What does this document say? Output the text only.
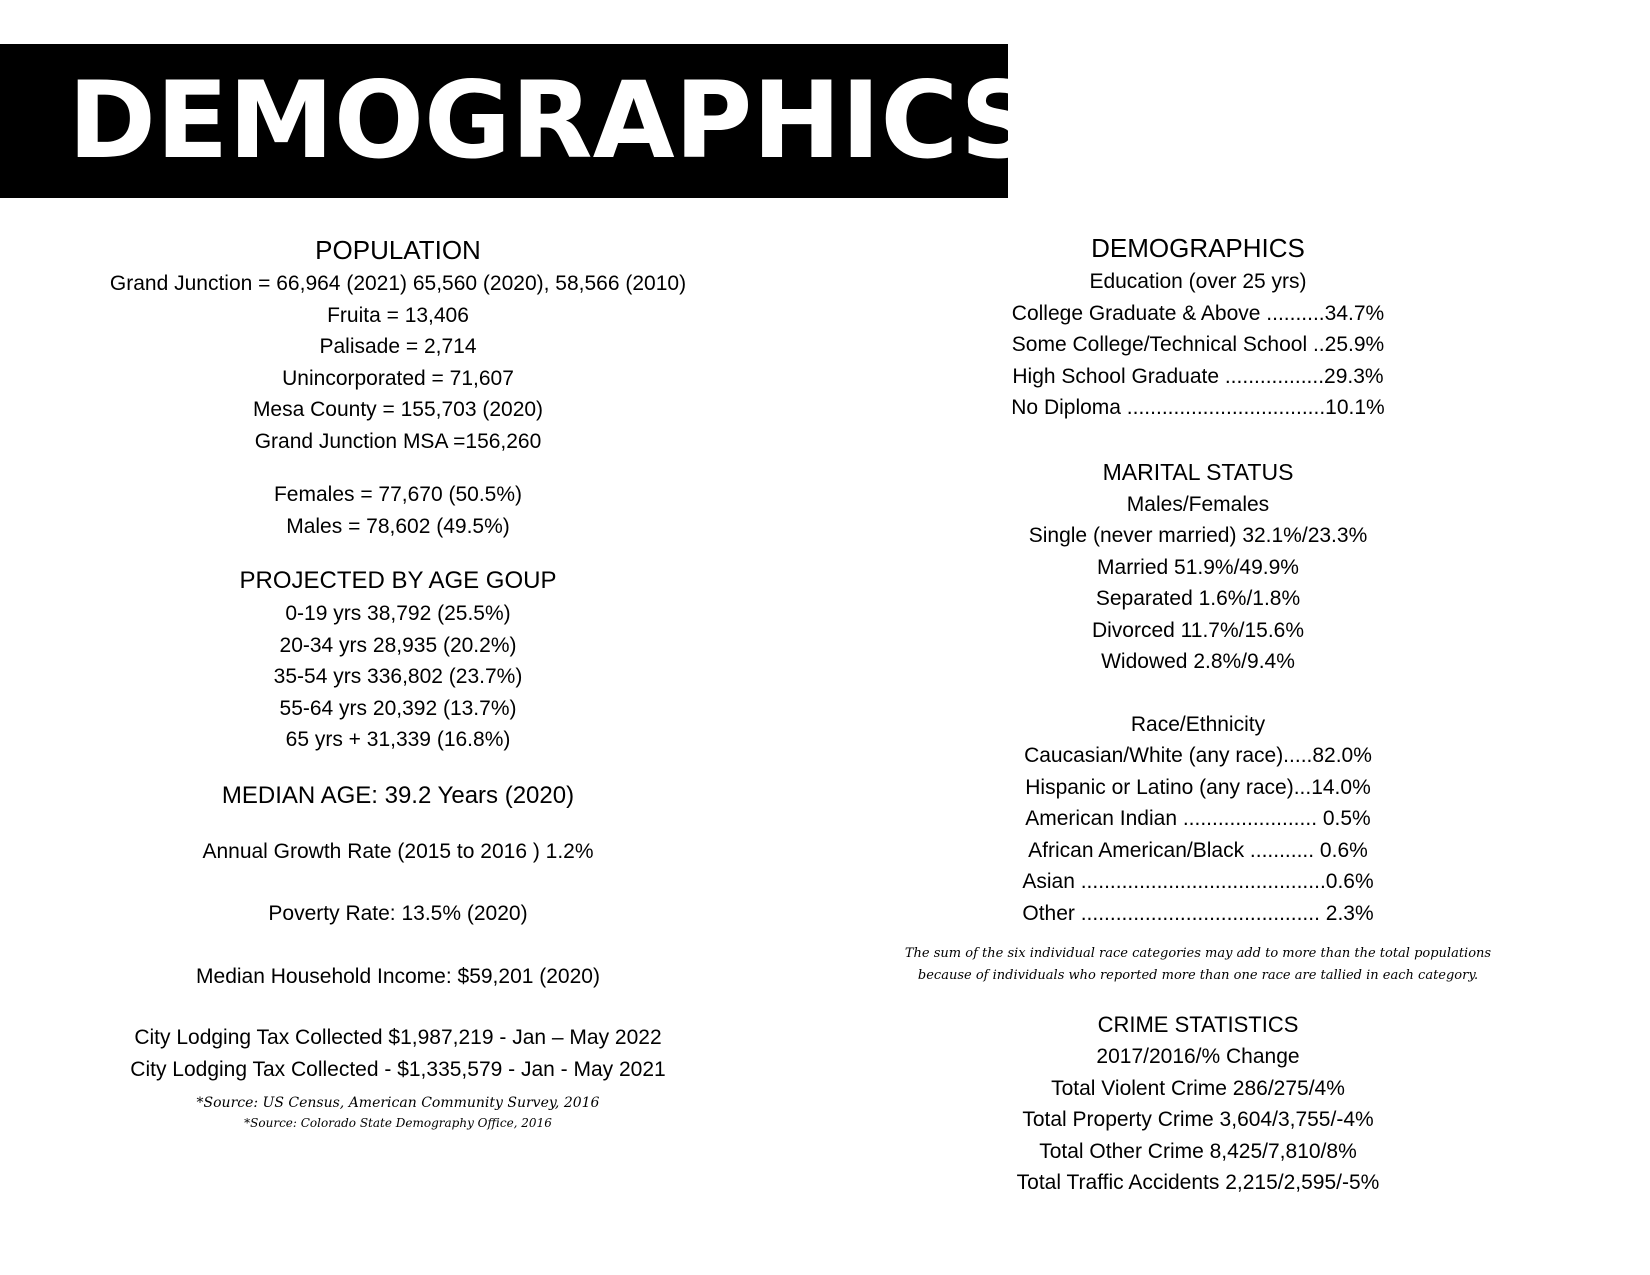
DEMOGRAPHICS
POPULATION
Grand Junction = 66,964 (2021) 65,560 (2020), 58,566 (2010)
Fruita = 13,406
Palisade = 2,714
Unincorporated = 71,607
Mesa County = 155,703 (2020)
Grand Junction MSA =156,260
Females = 77,670 (50.5%)
Males = 78,602 (49.5%)
PROJECTED BY AGE GOUP
0-19 yrs 38,792 (25.5%)
20-34 yrs 28,935 (20.2%)
35-54 yrs 336,802 (23.7%)
55-64 yrs 20,392 (13.7%)
65 yrs + 31,339 (16.8%)
MEDIAN AGE: 39.2 Years (2020)
Annual Growth Rate (2015 to 2016 ) 1.2%
Poverty Rate: 13.5% (2020)
Median Household Income: $59,201 (2020)
City Lodging Tax Collected $1,987,219 - Jan – May 2022
City Lodging Tax Collected - $1,335,579 - Jan - May 2021
*Source: US Census, American Community Survey, 2016
*Source: Colorado State Demography Office, 2016
DEMOGRAPHICS
Education (over 25 yrs)
College Graduate & Above ..........34.7%
Some College/Technical School ..25.9%
High School Graduate .................29.3%
No Diploma ..................................10.1%
MARITAL STATUS
Males/Females
Single (never married) 32.1%/23.3%
Married 51.9%/49.9%
Separated 1.6%/1.8%
Divorced 11.7%/15.6%
Widowed 2.8%/9.4%
Race/Ethnicity
Caucasian/White (any race).....82.0%
Hispanic or Latino (any race)...14.0%
American Indian ....................... 0.5%
African American/Black ........... 0.6%
Asian ..........................................0.6%
Other ......................................... 2.3%
The sum of the six individual race categories may add to more than the total populations because of individuals who reported more than one race are tallied in each category.
CRIME STATISTICS
2017/2016/% Change
Total Violent Crime 286/275/4%
Total Property Crime 3,604/3,755/-4%
Total Other Crime 8,425/7,810/8%
Total Traffic Accidents 2,215/2,595/-5%
